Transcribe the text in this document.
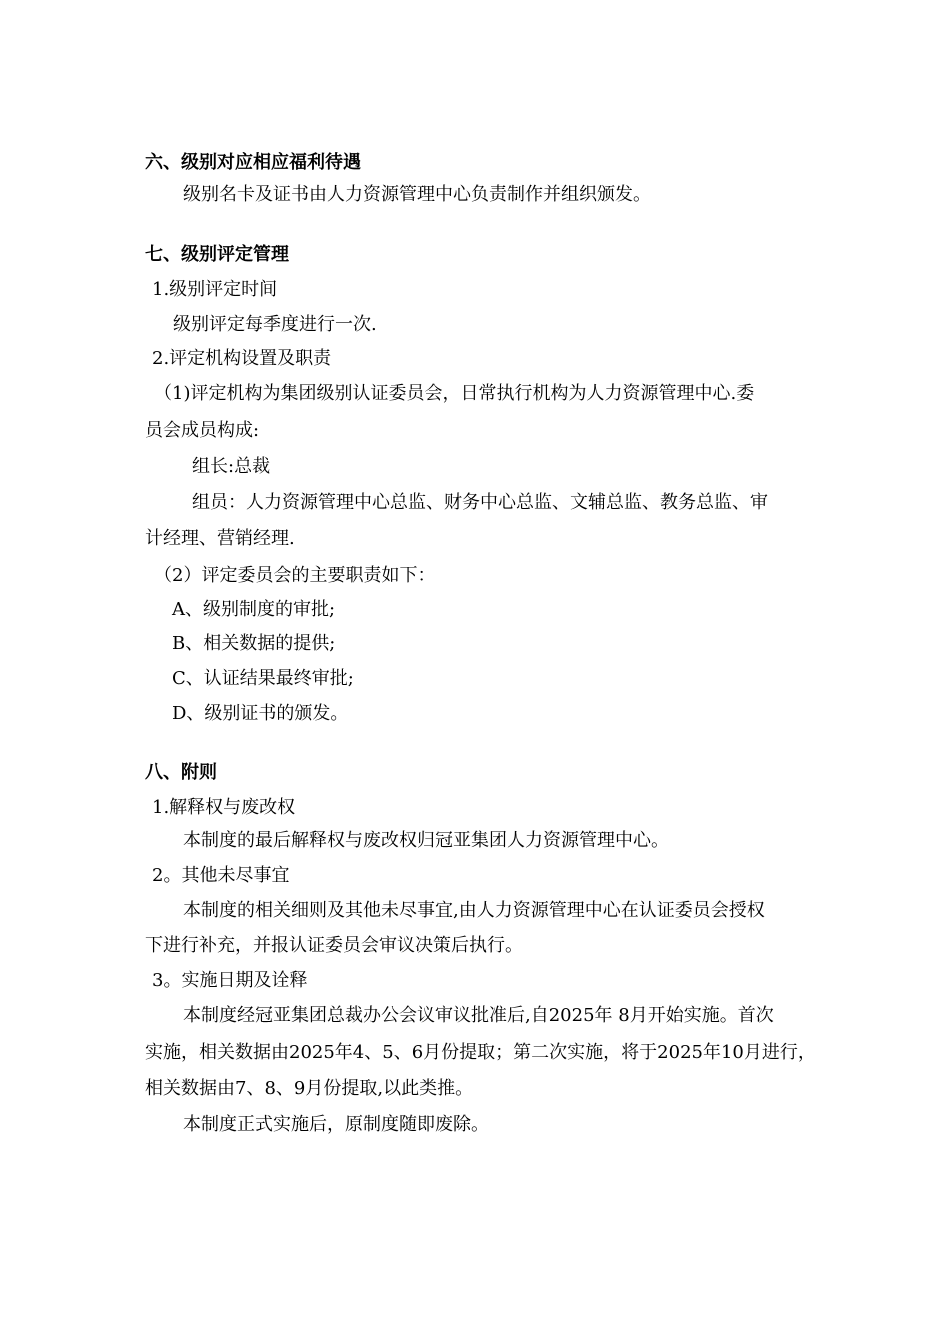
六、级别对应相应福利待遇
级别名卡及证书由人力资源管理中心负责制作并组织颁发。
七、级别评定管理
1.级别评定时间
级别评定每季度进行一次.
2.评定机构设置及职责
（1)评定机构为集团级别认证委员会，日常执行机构为人力资源管理中心.委
员会成员构成:
组长:总裁
组员：人力资源管理中心总监、财务中心总监、文辅总监、教务总监、审
计经理、营销经理.
（2）评定委员会的主要职责如下：
A、级别制度的审批;
B、相关数据的提供;
C、认证结果最终审批;
D、级别证书的颁发。
八、附则
1.解释权与废改权
本制度的最后解释权与废改权归冠亚集团人力资源管理中心。
2。其他未尽事宜
本制度的相关细则及其他未尽事宜,由人力资源管理中心在认证委员会授权
下进行补充，并报认证委员会审议决策后执行。
3。实施日期及诠释
本制度经冠亚集团总裁办公会议审议批准后,自2025年 8月开始实施。首次
实施，相关数据由2025年4、5、6月份提取；第二次实施，将于2025年10月进行，
相关数据由7、8、9月份提取,以此类推。
本制度正式实施后，原制度随即废除。
